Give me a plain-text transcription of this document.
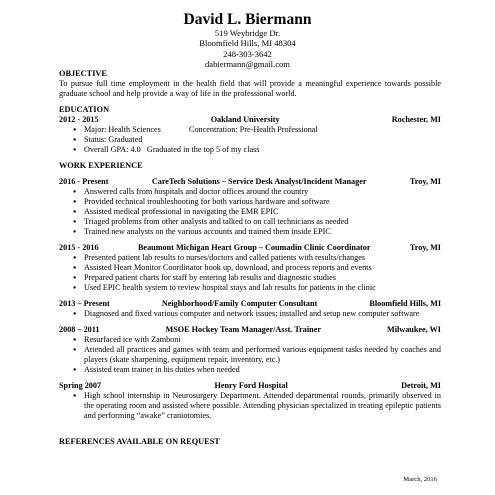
David L. Biermann
519 Weybridge Dr.
Bloomfield Hills, MI 48304
248-303-3642
dabiermann@gmail.com
OBJECTIVE

To pursue full time employment in the health field that will provide a meaningful experience towards possible graduate school and help provide a way of life in the professional world.

EDUCATION
2012 - 2015	Oakland University	Rochester, MI
● Major: Health Sciences	Concentration: Pre-Health Professional
● Status: Graduated
● Overall GPA: 4.0 Graduated in the top 5 of my class
WORK EXPERIENCE
2016 - Present	CareTech Solutions – Service Desk Analyst/Incident Manager	Troy, MI
● Answered calls from hospitals and doctor offices around the country
● Provided technical troubleshooting for both various hardware and software
● Assisted medical professional in navigating the EMR EPIC
● Triaged problems from other analysts and talked to on call technicians as needed
● Trained new analysts on the various accounts and trained them inside EPIC
2015 - 2016	Beaumont Michigan Heart Group – Coumadin Clinic Coordinator	Troy, MI
● Presented patient lab results to nurses/doctors and called patients with results/changes
● Assisted Heart Monitor Coordinator hook up, download, and process reports and events
● Prepared patient charts for staff by entering lab results and diagnostic studies
● Used EPIC health system to review hospital stays and lab results for patients in the clinic
2013 – Present	Neighborhood/Family Computer Consultant	Bloomfield Hills, MI
● Diagnosed and fixed various computer and network issues; installed and setup new computer software
2008 – 2011	MSOE Hockey Team Manager/Asst. Trainer	Milwaukee, WI
● Resurfaced ice with Zamboni
● Attended all practices and games with team and performed various equipment tasks needed by coaches and players (skate sharpening, equipment repair, inventory, etc.)
● Assisted team trainer in his duties when needed
Spring 2007	Henry Ford Hospital	Detroit, MI
● High school internship in Neurosurgery Department. Attended departmental rounds, primarily observed in the operating room and assisted where possible. Attending physician specialized in treating epileptic patients and performing “awake” craniotomies.
REFERENCES AVAILABLE ON REQUEST
March, 2016
